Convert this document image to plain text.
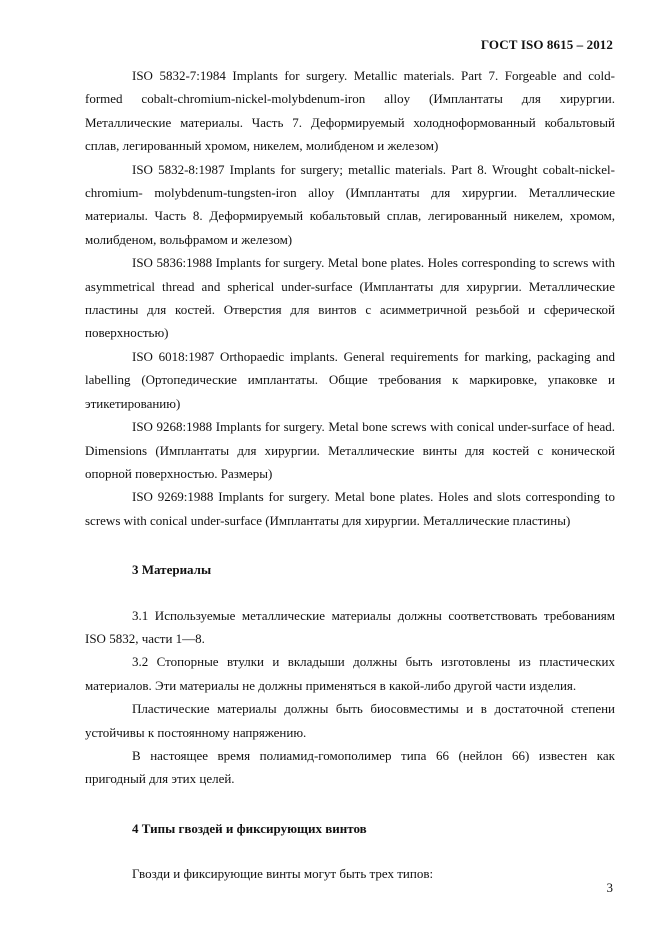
ГОСТ ISO 8615 – 2012

ISO 5832-7:1984 Implants for surgery. Metallic materials. Part 7. Forgeable and cold-formed cobalt-chromium-nickel-molybdenum-iron alloy (Имплантаты для хирургии. Металлические материалы. Часть 7. Деформируемый холоднoформованный кобальтовый сплав, легированный хромом, никелем, молибденом и железом)

ISO 5832-8:1987 Implants for surgery; metallic materials. Part 8. Wrought cobalt-nickel-chromium- molybdenum-tungsten-iron alloy (Имплантаты для хирургии. Металлические материалы. Часть 8. Деформируемый кобальтовый сплав, легированный никелем, хромом, молибденом, вольфрамом и железом)

ISO 5836:1988 Implants for surgery. Metal bone plates. Holes corresponding to screws with asymmetrical thread and spherical under-surface (Имплантаты для хирургии. Металлические пластины для костей. Отверстия для винтов с асимметричной резьбой и сферической поверхностью)

ISO 6018:1987 Orthopaedic implants. General requirements for marking, packaging and labelling (Ортопедические имплантаты. Общие требования к маркировке, упаковке и этикетированию)

ISO 9268:1988 Implants for surgery. Metal bone screws with conical under-surface of head. Dimensions (Имплантаты для хирургии. Металлические винты для костей с конической опорной поверхностью. Размеры)

ISO 9269:1988 Implants for surgery. Metal bone plates. Holes and slots corresponding to screws with conical under-surface (Имплантаты для хирургии. Металлические пластины)

3 Материалы

3.1 Используемые металлические материалы должны соответствовать требованиям ISO 5832, части 1—8.

3.2 Стопорные втулки и вкладыши должны быть изготовлены из пластических материалов. Эти материалы не должны применяться в какой-либо другой части изделия.

Пластические материалы должны быть биосовместимы и в достаточной степени устойчивы к постоянному напряжению.

В настоящее время полиамид-гомополимер типа 66 (нейлон 66) известен как пригодный для этих целей.

4 Типы гвоздей и фиксирующих винтов

Гвозди и фиксирующие винты могут быть трех типов:

3
